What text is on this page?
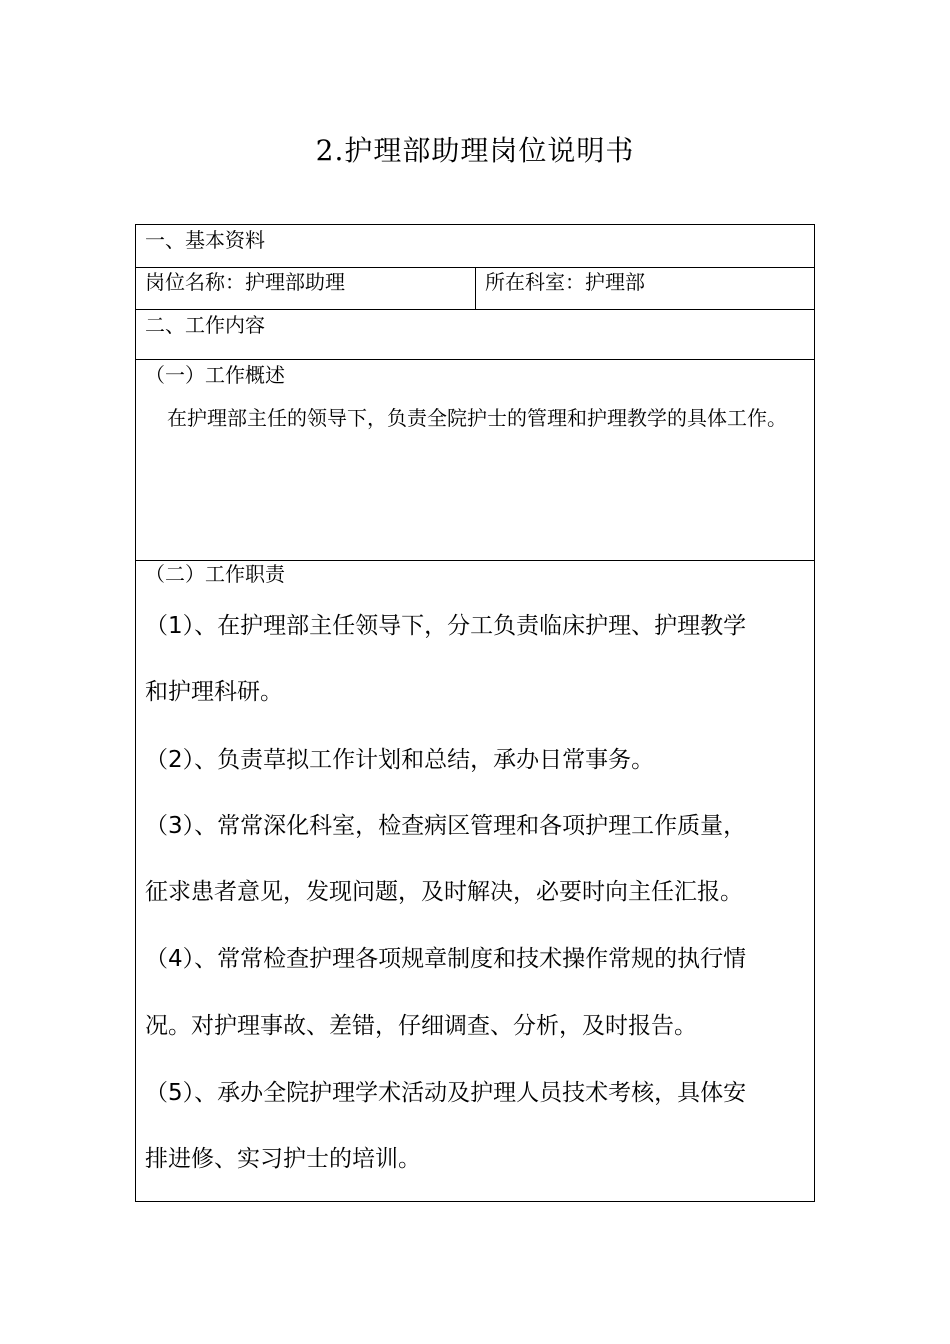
2.护理部助理岗位说明书
一、基本资料
岗位名称：护理部助理	所在科室：护理部
二、工作内容
（一）工作概述
在护理部主任的领导下，负责全院护士的管理和护理教学的具体工作。
（二）工作职责
（1）、在护理部主任领导下，分工负责临床护理、护理教学
和护理科研。
（2）、负责草拟工作计划和总结，承办日常事务。
（3）、常常深化科室，检查病区管理和各项护理工作质量，
征求患者意见，发现问题，及时解决，必要时向主任汇报。
（4）、常常检查护理各项规章制度和技术操作常规的执行情
况。对护理事故、差错，仔细调查、分析，及时报告。
（5）、承办全院护理学术活动及护理人员技术考核，具体安
排进修、实习护士的培训。
